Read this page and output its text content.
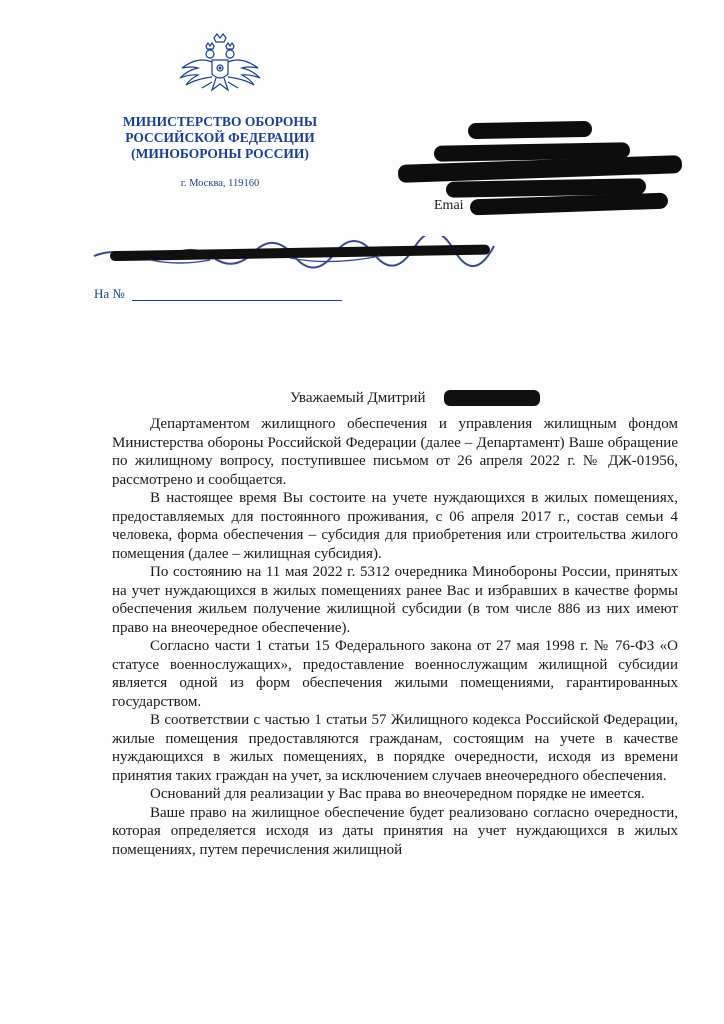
МИНИСТЕРСТВО ОБОРОНЫ
РОССИЙСКОЙ ФЕДЕРАЦИИ
(МИНОБОРОНЫ РОССИИ)
г. Москва, 119160
Emai
На №
Уважаемый Дмитрий

Департаментом жилищного обеспечения и управления жилищным фондом Министерства обороны Российской Федерации (далее – Департамент) Ваше обращение по жилищному вопросу, поступившее письмом от 26 апреля 2022 г. № ДЖ-01956, рассмотрено и сообщается.

В настоящее время Вы состоите на учете нуждающихся в жилых помещениях, предоставляемых для постоянного проживания, с 06 апреля 2017 г., состав семьи 4 человека, форма обеспечения – субсидия для приобретения или строительства жилого помещения (далее – жилищная субсидия).

По состоянию на 11 мая 2022 г. 5312 очередника Минобороны России, принятых на учет нуждающихся в жилых помещениях ранее Вас и избравших в качестве формы обеспечения жильем получение жилищной субсидии (в том числе 886 из них имеют право на внеочередное обеспечение).

Согласно части 1 статьи 15 Федерального закона от 27 мая 1998 г. № 76-ФЗ «О статусе военнослужащих», предоставление военнослужащим жилищной субсидии является одной из форм обеспечения жилыми помещениями, гарантированных государством.

В соответствии с частью 1 статьи 57 Жилищного кодекса Российской Федерации, жилые помещения предоставляются гражданам, состоящим на учете в качестве нуждающихся в жилых помещениях, в порядке очередности, исходя из времени принятия таких граждан на учет, за исключением случаев внеочередного обеспечения.

Оснований для реализации у Вас права во внеочередном порядке не имеется.

Ваше право на жилищное обеспечение будет реализовано согласно очередности, которая определяется исходя из даты принятия на учет нуждающихся в жилых помещениях, путем перечисления жилищной
